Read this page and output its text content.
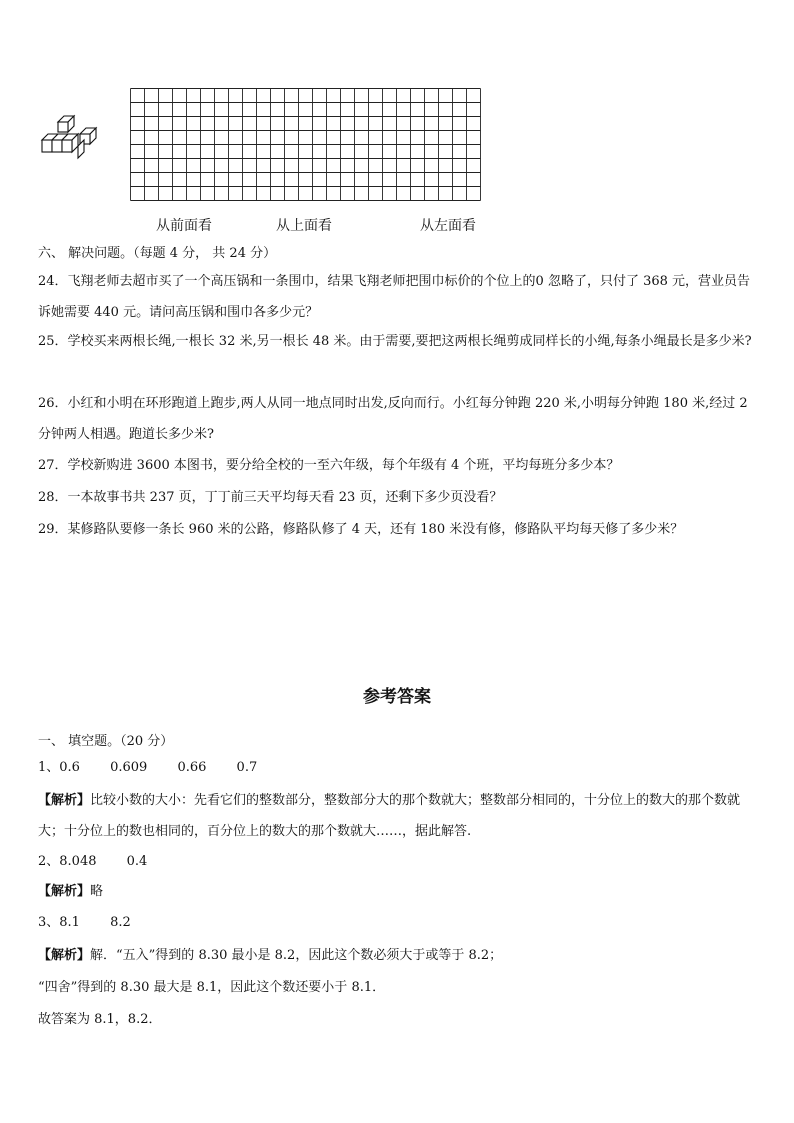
从前面看	从上面看	从左面看
六、 解决问题。（每题 4 分， 共 24 分）
24．飞翔老师去超市买了一个高压锅和一条围巾，结果飞翔老师把围巾标价的个位上的0 忽略了，只付了 368 元，营业员告诉她需要 440 元。请问高压锅和围巾各多少元？
25．学校买来两根长绳,一根长 32 米,另一根长 48 米。由于需要,要把这两根长绳剪成同样长的小绳,每条小绳最长是多少米?
26．小红和小明在环形跑道上跑步,两人从同一地点同时出发,反向而行。小红每分钟跑 220 米,小明每分钟跑 180 米,经过 2 分钟两人相遇。跑道长多少米?
27．学校新购进 3600 本图书，要分给全校的一至六年级，每个年级有 4 个班，平均每班分多少本？
28．一本故事书共 237 页，丁丁前三天平均每天看 23 页，还剩下多少页没看？
29．某修路队要修一条长 960 米的公路，修路队修了 4 天，还有 180 米没有修，修路队平均每天修了多少米？
参考答案
一、 填空题。（20 分）
1、0.6 0.609 0.66 0.7
【解析】比较小数的大小：先看它们的整数部分，整数部分大的那个数就大；整数部分相同的，十分位上的数大的那个数就大；十分位上的数也相同的，百分位上的数大的那个数就大……，据此解答.
2、8.048 0.4
【解析】略
3、8.1 8.2
【解析】解．“五入”得到的 8.30 最小是 8.2，因此这个数必须大于或等于 8.2；
“四舍”得到的 8.30 最大是 8.1，因此这个数还要小于 8.1．
故答案为 8.1，8.2．
